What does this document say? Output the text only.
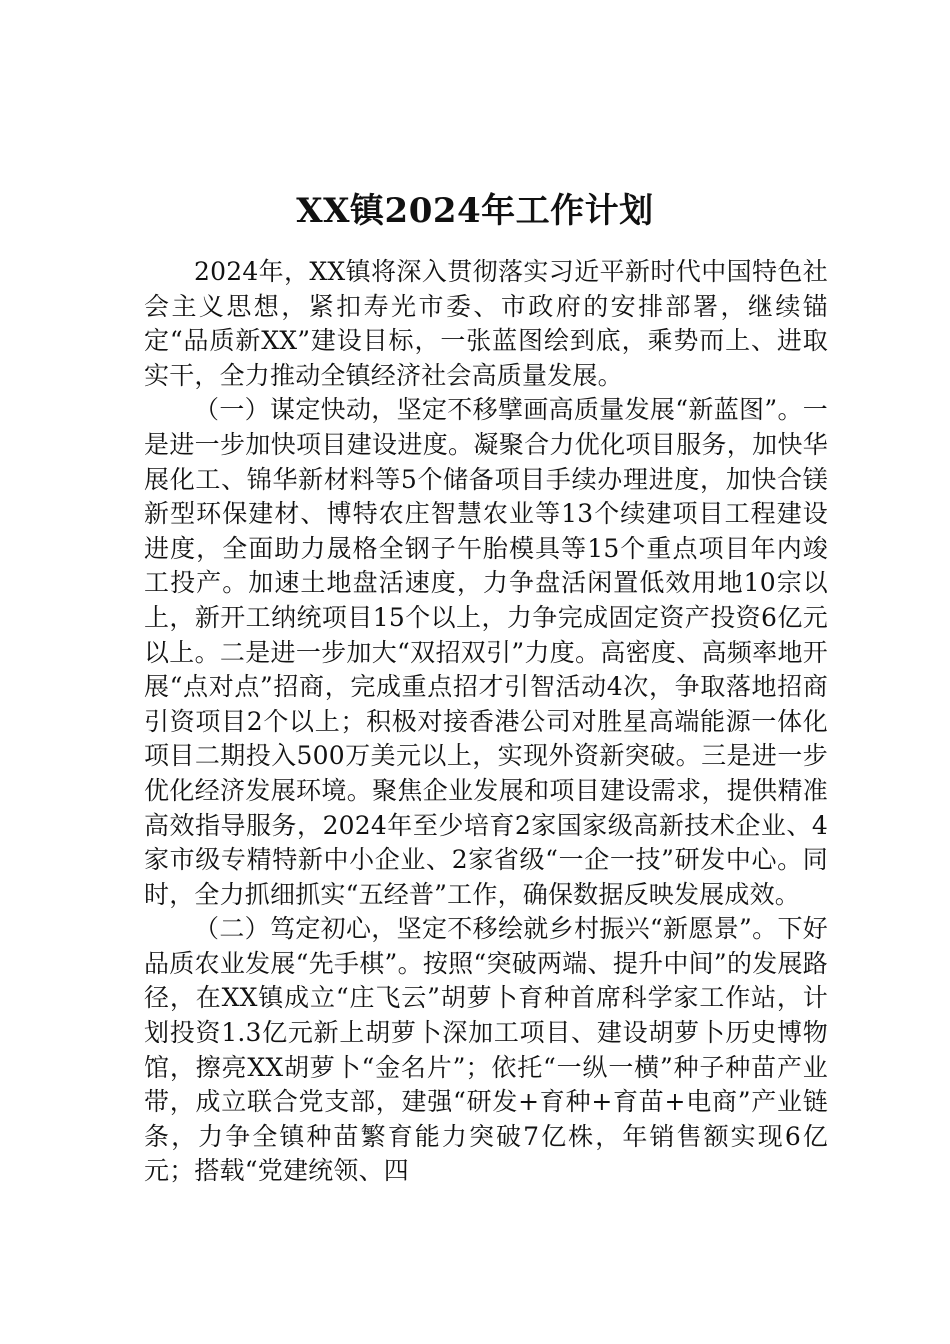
XX镇2024年工作计划

2024年，XX镇将深入贯彻落实习近平新时代中国特色社会主义思想，紧扣寿光市委、市政府的安排部署，继续锚定“品质新XX”建设目标，一张蓝图绘到底，乘势而上、进取实干，全力推动全镇经济社会高质量发展。

（一）谋定快动，坚定不移擘画高质量发展“新蓝图”。一是进一步加快项目建设进度。凝聚合力优化项目服务，加快华展化工、锦华新材料等5个储备项目手续办理进度，加快合镁新型环保建材、博特农庄智慧农业等13个续建项目工程建设进度，全面助力晟格全钢子午胎模具等15个重点项目年内竣工投产。加速土地盘活速度，力争盘活闲置低效用地10宗以上，新开工纳统项目15个以上，力争完成固定资产投资6亿元以上。二是进一步加大“双招双引”力度。高密度、高频率地开展“点对点”招商，完成重点招才引智活动4次，争取落地招商引资项目2个以上；积极对接香港公司对胜星高端能源一体化项目二期投入500万美元以上，实现外资新突破。三是进一步优化经济发展环境。聚焦企业发展和项目建设需求，提供精准高效指导服务，2024年至少培育2家国家级高新技术企业、4家市级专精特新中小企业、2家省级“一企一技”研发中心。同时，全力抓细抓实“五经普”工作，确保数据反映发展成效。

（二）笃定初心，坚定不移绘就乡村振兴“新愿景”。下好品质农业发展“先手棋”。按照“突破两端、提升中间”的发展路径，在XX镇成立“庄飞云”胡萝卜育种首席科学家工作站，计划投资1.3亿元新上胡萝卜深加工项目、建设胡萝卜历史博物馆，擦亮XX胡萝卜“金名片”；依托“一纵一横”种子种苗产业带，成立联合党支部，建强“研发+育种+育苗+电商”产业链条，力争全镇种苗繁育能力突破7亿株，年销售额实现6亿元；搭载“党建统领、四
